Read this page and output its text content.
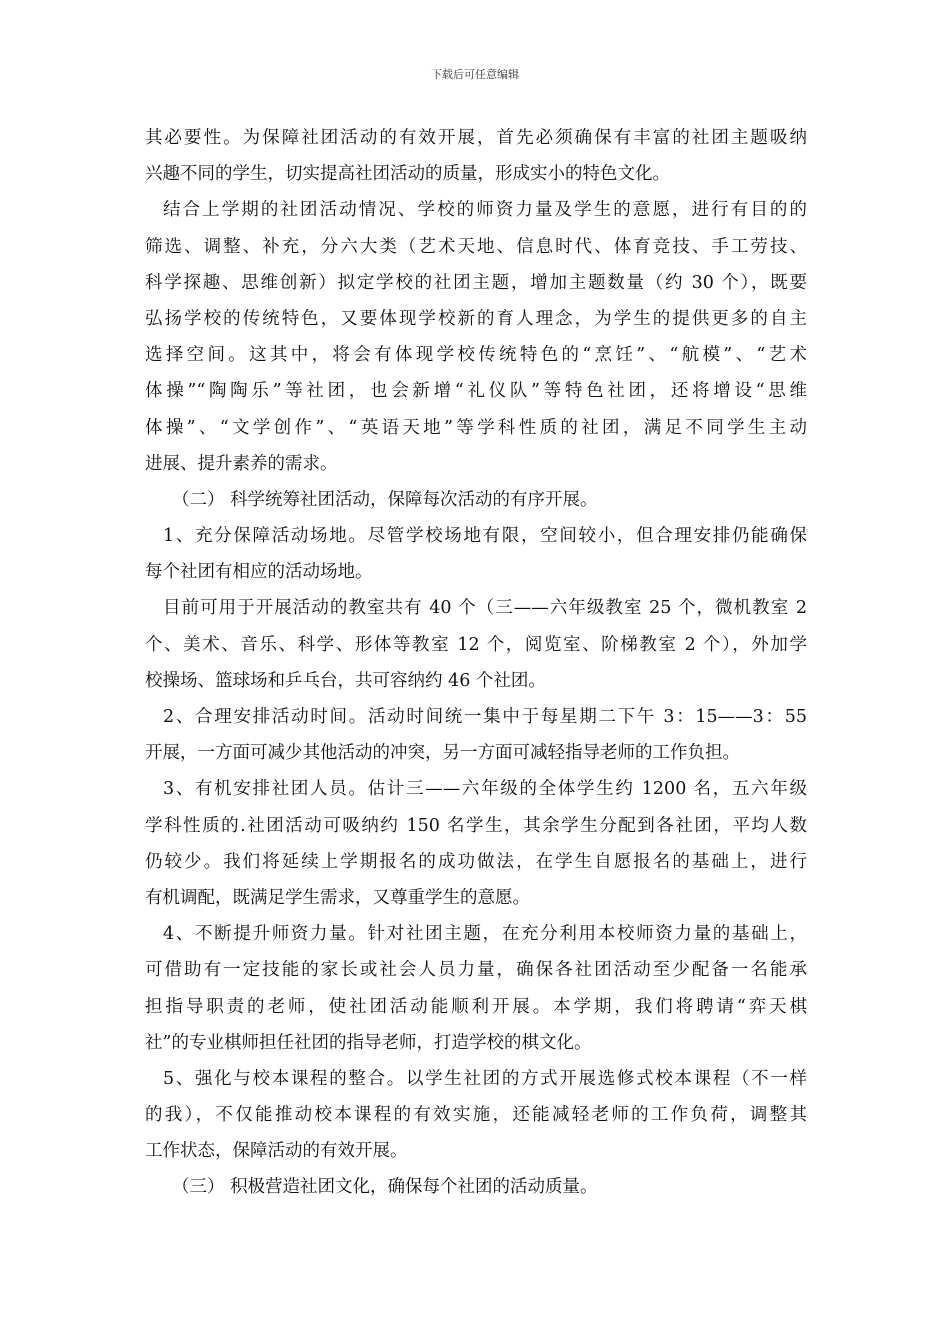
下载后可任意编辑
其必要性。为保障社团活动的有效开展，首先必须确保有丰富的社团主题吸纳
兴趣不同的学生，切实提高社团活动的质量，形成实小的特色文化。
结合上学期的社团活动情况、学校的师资力量及学生的意愿，进行有目的的
筛选、调整、补充，分六大类（艺术天地、信息时代、体育竞技、手工劳技、
科学探趣、思维创新）拟定学校的社团主题，增加主题数量（约 30 个），既要
弘扬学校的传统特色，又要体现学校新的育人理念，为学生的提供更多的自主
选择空间。这其中，将会有体现学校传统特色的“烹饪”、“航模”、“艺术
体操”“陶陶乐”等社团，也会新增“礼仪队”等特色社团，还将增设“思维
体操”、“文学创作”、“英语天地”等学科性质的社团，满足不同学生主动
进展、提升素养的需求。
（二） 科学统筹社团活动，保障每次活动的有序开展。
1、充分保障活动场地。尽管学校场地有限，空间较小，但合理安排仍能确保
每个社团有相应的活动场地。
目前可用于开展活动的教室共有 40 个（三——六年级教室 25 个，微机教室 2
个、美术、音乐、科学、形体等教室 12 个，阅览室、阶梯教室 2 个），外加学
校操场、篮球场和乒乓台，共可容纳约 46 个社团。
2、合理安排活动时间。活动时间统一集中于每星期二下午 3：15——3：55
开展，一方面可减少其他活动的冲突，另一方面可减轻指导老师的工作负担。
3、有机安排社团人员。估计三——六年级的全体学生约 1200 名，五六年级
学科性质的.社团活动可吸纳约 150 名学生，其余学生分配到各社团，平均人数
仍较少。我们将延续上学期报名的成功做法，在学生自愿报名的基础上，进行
有机调配，既满足学生需求，又尊重学生的意愿。
4、不断提升师资力量。针对社团主题，在充分利用本校师资力量的基础上，
可借助有一定技能的家长或社会人员力量，确保各社团活动至少配备一名能承
担指导职责的老师，使社团活动能顺利开展。本学期，我们将聘请“弈天棋
社”的专业棋师担任社团的指导老师，打造学校的棋文化。
5、强化与校本课程的整合。以学生社团的方式开展选修式校本课程（不一样
的我），不仅能推动校本课程的有效实施，还能减轻老师的工作负荷，调整其
工作状态，保障活动的有效开展。
（三） 积极营造社团文化，确保每个社团的活动质量。
